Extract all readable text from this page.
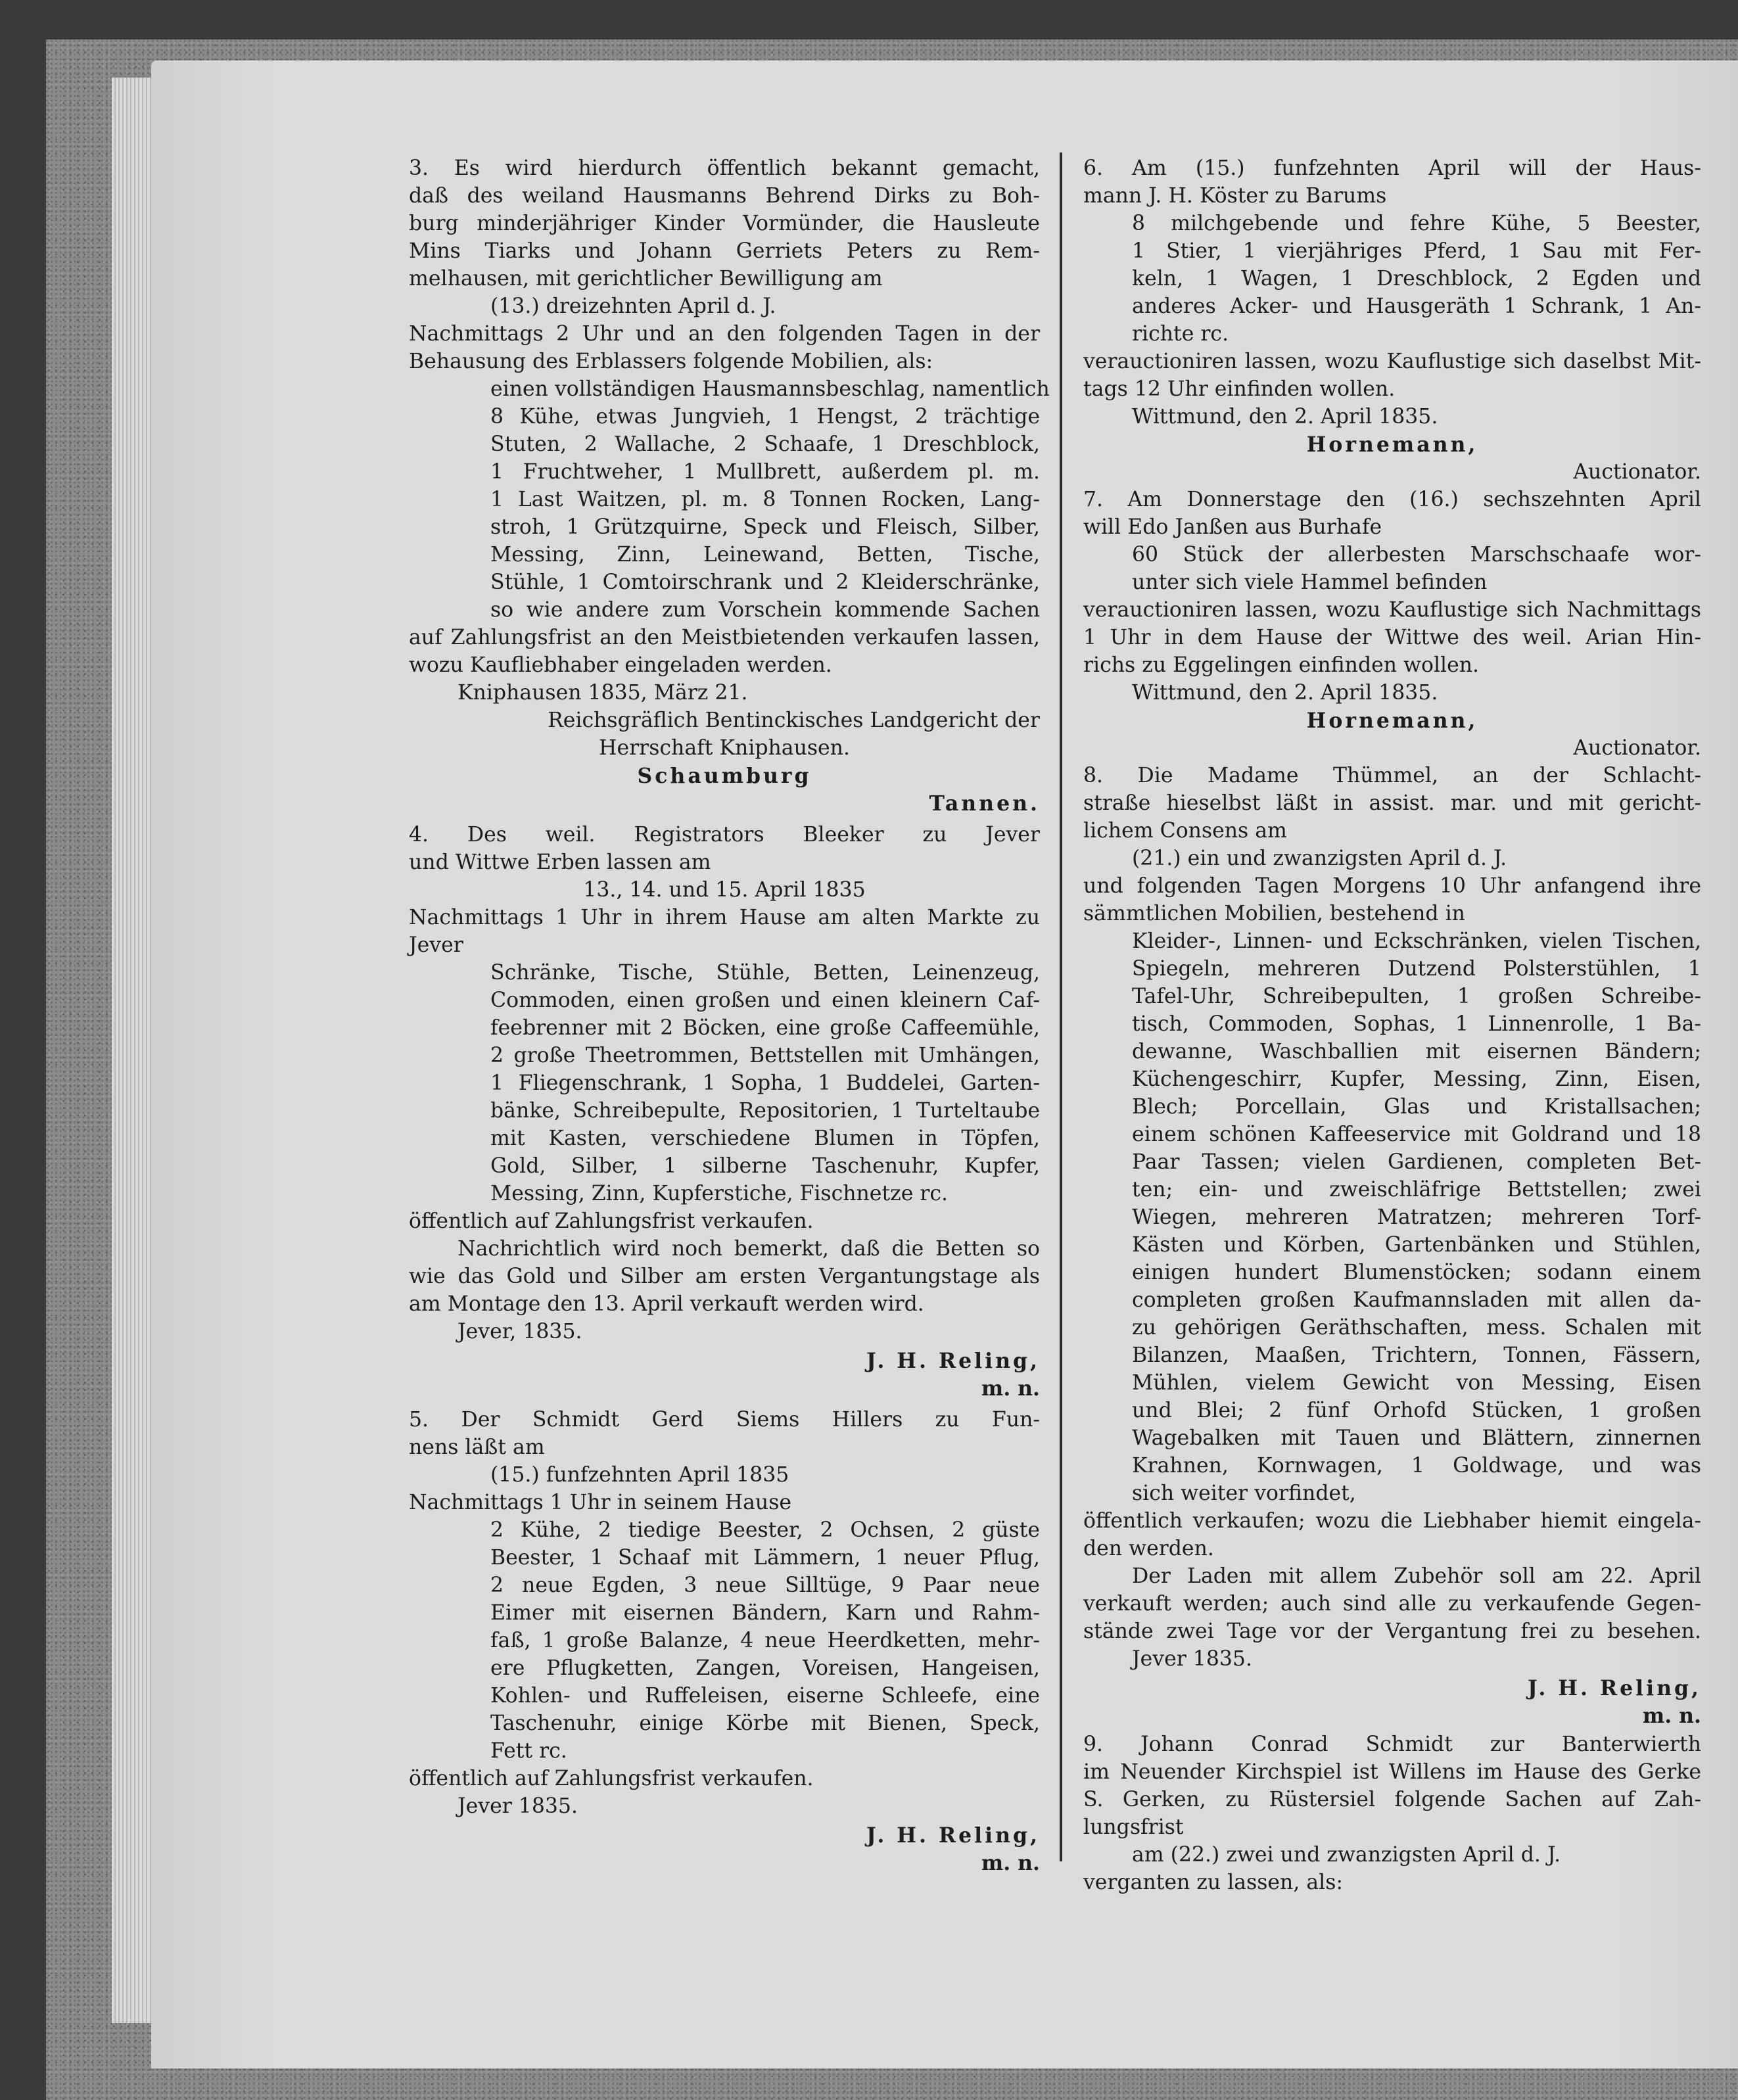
3. Es wird hierdurch öffentlich bekannt gemacht,
daß des weiland Hausmanns Behrend Dirks zu Boh-
burg minderjähriger Kinder Vormünder, die Hausleute
Mins Tiarks und Johann Gerriets Peters zu Rem-
melhausen, mit gerichtlicher Bewilligung am
(13.) dreizehnten April d. J.
Nachmittags 2 Uhr und an den folgenden Tagen in der
Behausung des Erblassers folgende Mobilien, als:
einen vollständigen Hausmannsbeschlag, namentlich
8 Kühe, etwas Jungvieh, 1 Hengst, 2 trächtige
Stuten, 2 Wallache, 2 Schaafe, 1 Dreschblock,
1 Fruchtweher, 1 Mullbrett, außerdem pl. m.
1 Last Waitzen, pl. m. 8 Tonnen Rocken, Lang-
stroh, 1 Grützquirne, Speck und Fleisch, Silber,
Messing, Zinn, Leinewand, Betten, Tische,
Stühle, 1 Comtoirschrank und 2 Kleiderschränke,
so wie andere zum Vorschein kommende Sachen
auf Zahlungsfrist an den Meistbietenden verkaufen lassen,
wozu Kaufliebhaber eingeladen werden.
Kniphausen 1835, März 21.
Reichsgräflich Bentinckisches Landgericht der
Herrschaft Kniphausen.
Schaumburg
Tannen.
4. Des weil. Registrators Bleeker zu Jever
und Wittwe Erben lassen am
13., 14. und 15. April 1835
Nachmittags 1 Uhr in ihrem Hause am alten Markte zu
Jever
Schränke, Tische, Stühle, Betten, Leinenzeug,
Commoden, einen großen und einen kleinern Caf-
feebrenner mit 2 Böcken, eine große Caffeemühle,
2 große Theetrommen, Bettstellen mit Umhängen,
1 Fliegenschrank, 1 Sopha, 1 Buddelei, Garten-
bänke, Schreibepulte, Repositorien, 1 Turteltaube
mit Kasten, verschiedene Blumen in Töpfen,
Gold, Silber, 1 silberne Taschenuhr, Kupfer,
Messing, Zinn, Kupferstiche, Fischnetze rc.
öffentlich auf Zahlungsfrist verkaufen.
Nachrichtlich wird noch bemerkt, daß die Betten so
wie das Gold und Silber am ersten Vergantungstage als
am Montage den 13. April verkauft werden wird.
Jever, 1835.
J. H. Reling,
m. n.
5. Der Schmidt Gerd Siems Hillers zu Fun-
nens läßt am
(15.) funfzehnten April 1835
Nachmittags 1 Uhr in seinem Hause
2 Kühe, 2 tiedige Beester, 2 Ochsen, 2 güste
Beester, 1 Schaaf mit Lämmern, 1 neuer Pflug,
2 neue Egden, 3 neue Silltüge, 9 Paar neue
Eimer mit eisernen Bändern, Karn und Rahm-
faß, 1 große Balanze, 4 neue Heerdketten, mehr-
ere Pflugketten, Zangen, Voreisen, Hangeisen,
Kohlen- und Ruffeleisen, eiserne Schleefe, eine
Taschenuhr, einige Körbe mit Bienen, Speck,
Fett rc.
öffentlich auf Zahlungsfrist verkaufen.
Jever 1835.
J. H. Reling,
m. n.
6. Am (15.) funfzehnten April will der Haus-
mann J. H. Köster zu Barums
8 milchgebende und fehre Kühe, 5 Beester,
1 Stier, 1 vierjähriges Pferd, 1 Sau mit Fer-
keln, 1 Wagen, 1 Dreschblock, 2 Egden und
anderes Acker- und Hausgeräth 1 Schrank, 1 An-
richte rc.
verauctioniren lassen, wozu Kauflustige sich daselbst Mit-
tags 12 Uhr einfinden wollen.
Wittmund, den 2. April 1835.
Hornemann,
Auctionator.
7. Am Donnerstage den (16.) sechszehnten April
will Edo Janßen aus Burhafe
60 Stück der allerbesten Marschschaafe wor-
unter sich viele Hammel befinden
verauctioniren lassen, wozu Kauflustige sich Nachmittags
1 Uhr in dem Hause der Wittwe des weil. Arian Hin-
richs zu Eggelingen einfinden wollen.
Wittmund, den 2. April 1835.
Hornemann,
Auctionator.
8. Die Madame Thümmel, an der Schlacht-
straße hieselbst läßt in assist. mar. und mit gericht-
lichem Consens am
(21.) ein und zwanzigsten April d. J.
und folgenden Tagen Morgens 10 Uhr anfangend ihre
sämmtlichen Mobilien, bestehend in
Kleider-, Linnen- und Eckschränken, vielen Tischen,
Spiegeln, mehreren Dutzend Polsterstühlen, 1
Tafel-Uhr, Schreibepulten, 1 großen Schreibe-
tisch, Commoden, Sophas, 1 Linnenrolle, 1 Ba-
dewanne, Waschballien mit eisernen Bändern;
Küchengeschirr, Kupfer, Messing, Zinn, Eisen,
Blech; Porcellain, Glas und Kristallsachen;
einem schönen Kaffeeservice mit Goldrand und 18
Paar Tassen; vielen Gardienen, completen Bet-
ten; ein- und zweischläfrige Bettstellen; zwei
Wiegen, mehreren Matratzen; mehreren Torf-
Kästen und Körben, Gartenbänken und Stühlen,
einigen hundert Blumenstöcken; sodann einem
completen großen Kaufmannsladen mit allen da-
zu gehörigen Geräthschaften, mess. Schalen mit
Bilanzen, Maaßen, Trichtern, Tonnen, Fässern,
Mühlen, vielem Gewicht von Messing, Eisen
und Blei; 2 fünf Orhofd Stücken, 1 großen
Wagebalken mit Tauen und Blättern, zinnernen
Krahnen, Kornwagen, 1 Goldwage, und was
sich weiter vorfindet,
öffentlich verkaufen; wozu die Liebhaber hiemit eingela-
den werden.
Der Laden mit allem Zubehör soll am 22. April
verkauft werden; auch sind alle zu verkaufende Gegen-
stände zwei Tage vor der Vergantung frei zu besehen.
Jever 1835.
J. H. Reling,
m. n.
9. Johann Conrad Schmidt zur Banterwierth
im Neuender Kirchspiel ist Willens im Hause des Gerke
S. Gerken, zu Rüstersiel folgende Sachen auf Zah-
lungsfrist
am (22.) zwei und zwanzigsten April d. J.
verganten zu lassen, als:
